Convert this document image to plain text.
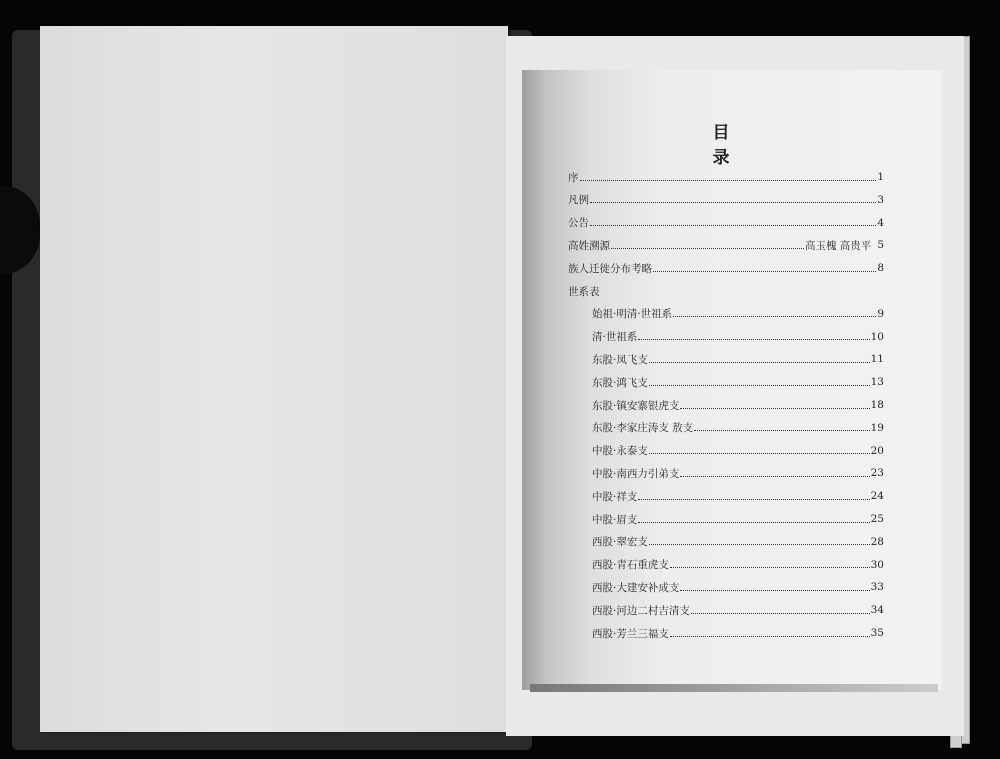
目 录
序	1
凡例	3
公告	4
高姓溯源	高玉槐 高贵平 5
族人迁徙分布考略	8
世系表
始祖·明清·世祖系	9
清·世祖系	10
东股·凤飞支	11
东股·鸿飞支	13
东股·镇安寨银虎支	18
东股·李家庄涛支 敖支	19
中股·永泰支	20
中股·南西力引弟支	23
中股·祥支	24
中股·眉支	25
西股·翠宏支	28
西股·青石重虎支	30
西股·大建安补成支	33
西股·河边二村吉清支	34
西股·芳兰三福支	35
